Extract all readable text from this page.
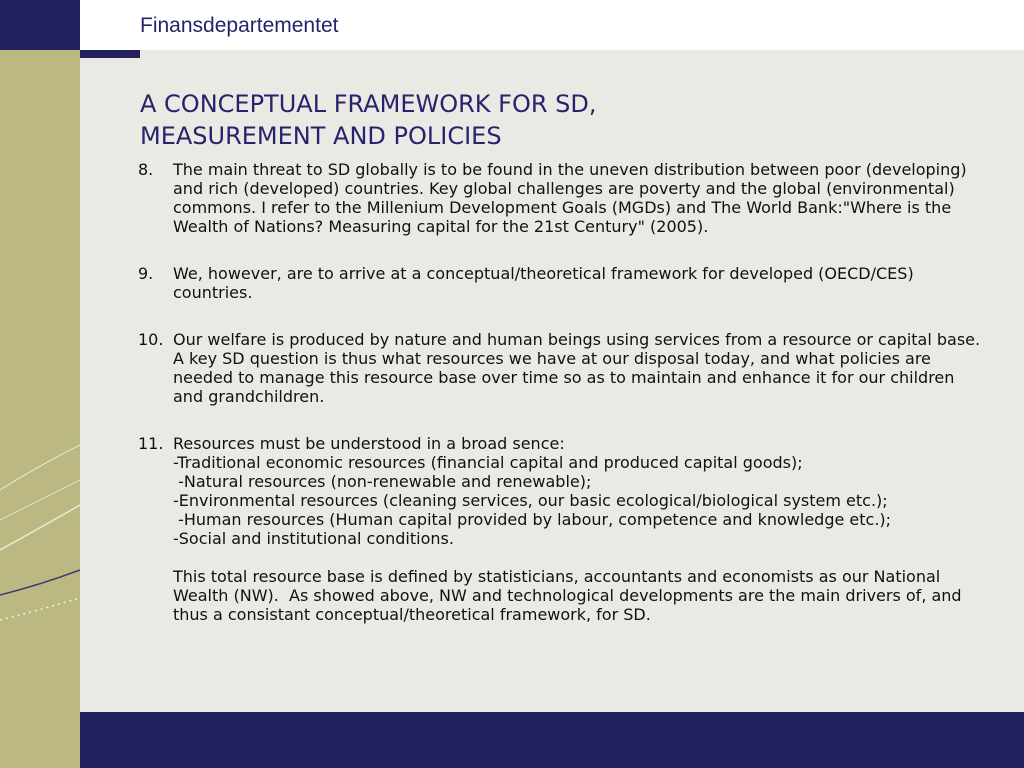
Finansdepartementet

A CONCEPTUAL FRAMEWORK FOR SD,
MEASUREMENT AND POLICIES
8.	The main threat to SD globally is to be found in the uneven distribution between poor (developing) and rich (developed) countries. Key global challenges are poverty and the global (environmental) commons. I refer to the Millenium Development Goals (MGDs) and The World Bank:"Where is the Wealth of Nations? Measuring capital for the 21st Century" (2005).
9.	We, however, are to arrive at a conceptual/theoretical framework for developed (OECD/CES) countries.
10. Our welfare is produced by nature and human beings using services from a resource or capital base. A key SD question is thus what resources we have at our disposal today, and what policies are needed to manage this resource base over time so as to maintain and enhance it for our children and grandchildren.
11. Resources must be understood in a broad sence:
-Traditional economic resources (financial capital and produced capital goods);
-Natural resources (non-renewable and renewable);
-Environmental resources (cleaning services, our basic ecological/biological system etc.);
-Human resources (Human capital provided by labour, competence and knowledge etc.);
-Social and institutional conditions.
This total resource base is defined by statisticians, accountants and economists as our National Wealth (NW).  As showed above, NW and technological developments are the main drivers of, and thus a consistant conceptual/theoretical framework, for SD.
